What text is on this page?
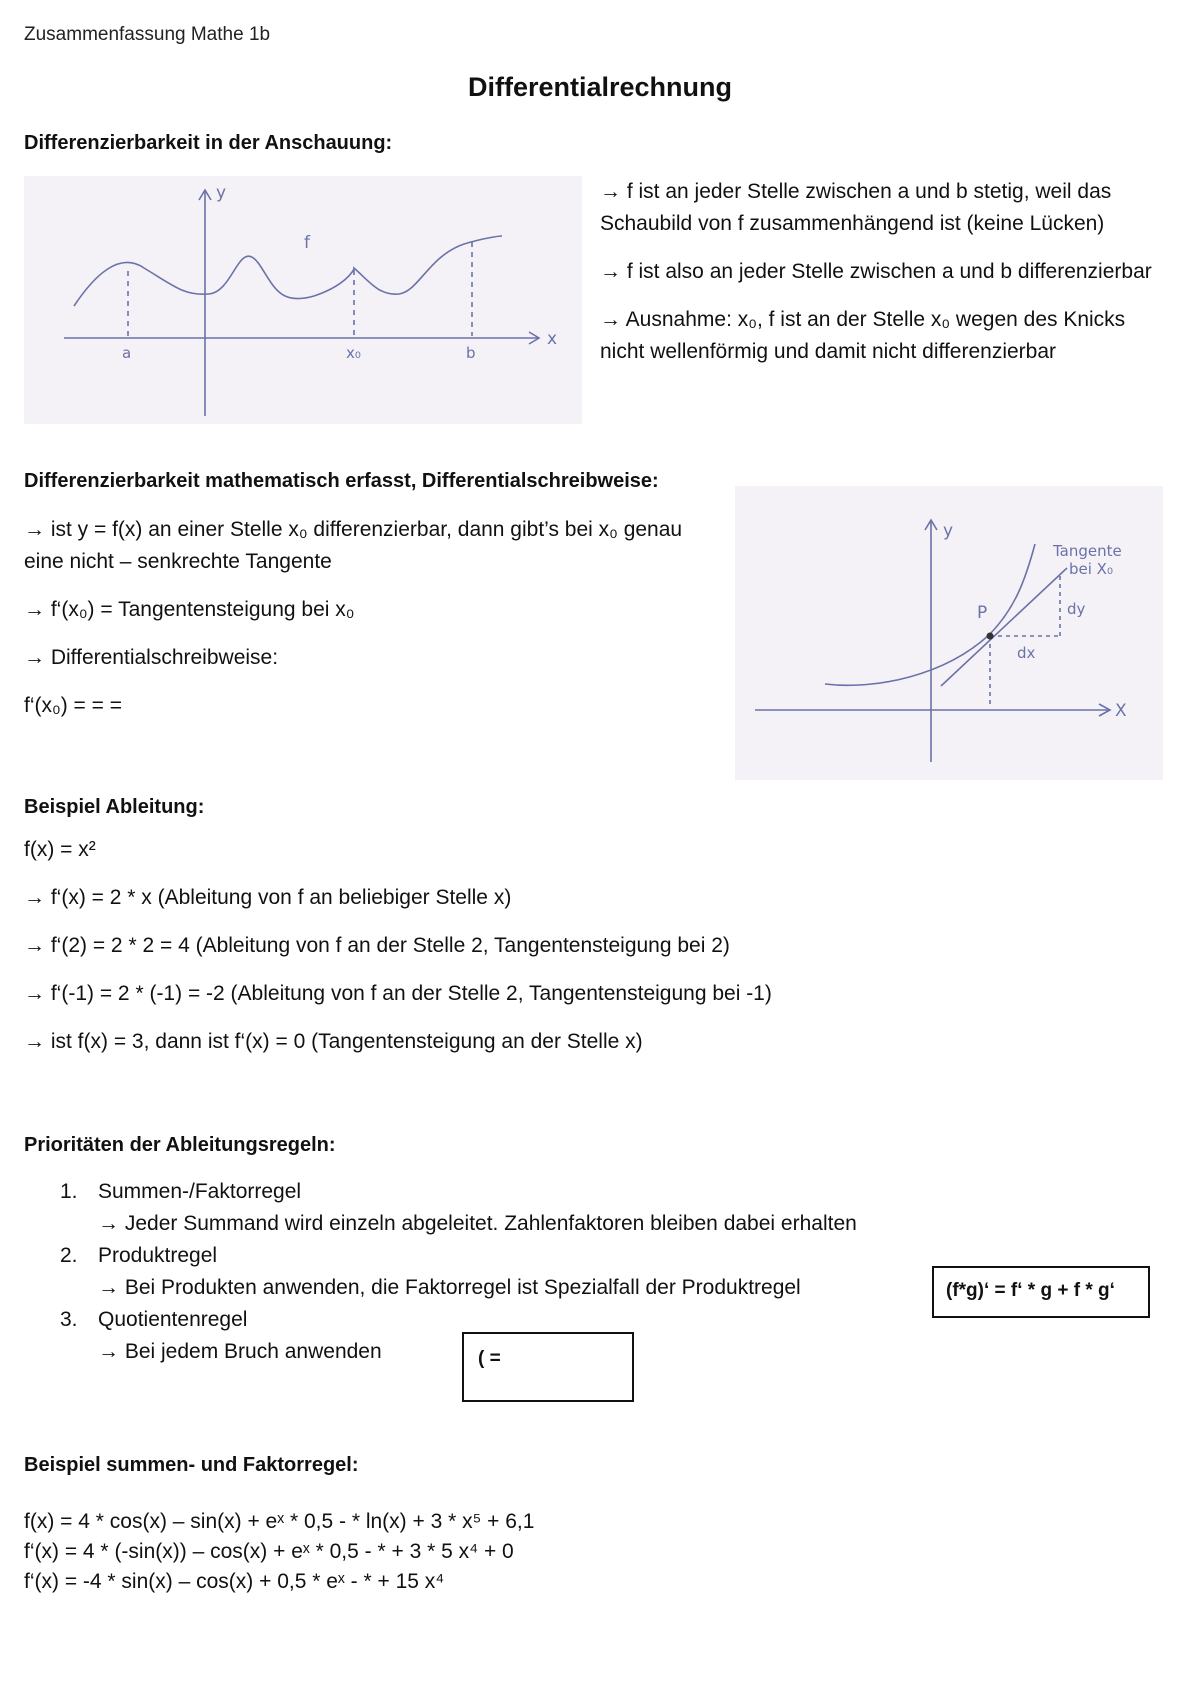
Zusammenfassung Mathe 1b
Differentialrechnung
Differenzierbarkeit in der Anschauung:
y
x
f
a	x₀	b
→ f ist an jeder Stelle zwischen a und b stetig, weil das Schaubild von f zusammenhängend ist (keine Lücken)
→ f ist also an jeder Stelle zwischen a und b differenzierbar
→ Ausnahme: x₀, f ist an der Stelle x₀ wegen des Knicks nicht wellenförmig und damit nicht differenzierbar
Differenzierbarkeit mathematisch erfasst, Differentialschreibweise:
→ ist y = f(x) an einer Stelle x₀ differenzierbar, dann gibt’s bei x₀ genau eine nicht – senkrechte Tangente
→ f‘(x₀) = Tangentensteigung bei x₀
→ Differentialschreibweise:
f‘(x₀) = = =
y
X
P
Tangente
bei X₀
dy
dx
Beispiel Ableitung:
f(x) = x²
→ f‘(x) = 2 * x (Ableitung von f an beliebiger Stelle x)
→ f‘(2) = 2 * 2 = 4 (Ableitung von f an der Stelle 2, Tangentensteigung bei 2)
→ f‘(-1) = 2 * (-1) = -2 (Ableitung von f an der Stelle 2, Tangentensteigung bei -1)
→ ist f(x) = 3, dann ist f‘(x) = 0 (Tangentensteigung an der Stelle x)
Prioritäten der Ableitungsregeln:
1. Summen-/Faktorregel
→ Jeder Summand wird einzeln abgeleitet. Zahlenfaktoren bleiben dabei erhalten
2. Produktregel
→ Bei Produkten anwenden, die Faktorregel ist Spezialfall der Produktregel
3. Quotientenregel
→ Bei jedem Bruch anwenden
(f*g)‘ = f‘ * g + f * g‘
( =
Beispiel summen- und Faktorregel:
f(x) = 4 * cos(x) – sin(x) + eˣ * 0,5 - * ln(x) + 3 * x⁵ + 6,1
f‘(x) = 4 * (-sin(x)) – cos(x) + eˣ * 0,5 - * + 3 * 5 x⁴ + 0
f‘(x) = -4 * sin(x) – cos(x) + 0,5 * eˣ - * + 15 x⁴
